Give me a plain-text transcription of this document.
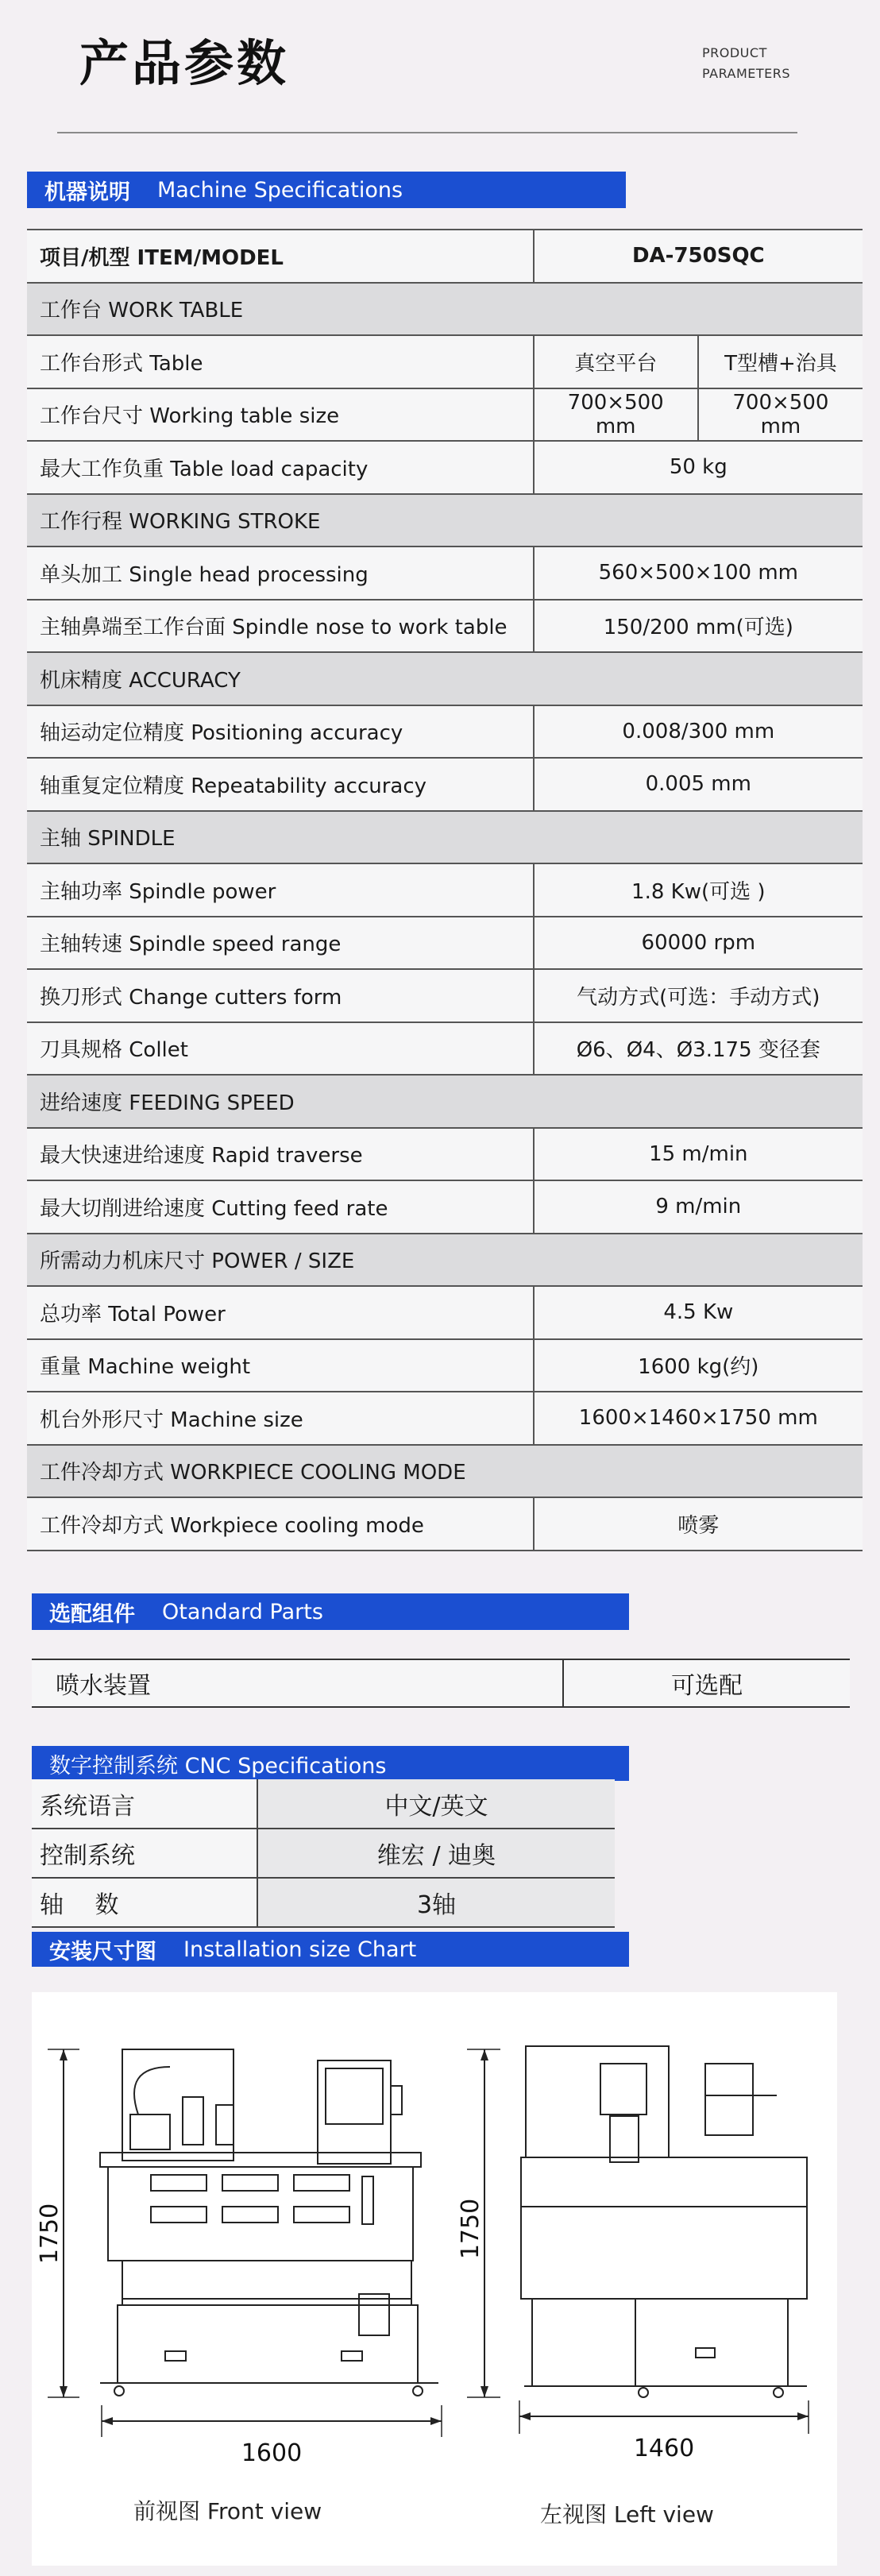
产品参数	PRODUCT
PARAMETERS
机器说明 Machine Specifications
项目/机型 ITEM/MODEL	DA-750SQC	
工作台 WORK TABLE		
工作台形式 Table	真空平台	T型槽+治具
工作台尺寸 Working table size	700×500 mm	700×500 mm
最大工作负重 Table load capacity	50 kg	
工作行程 WORKING STROKE		
单头加工 Single head processing	560×500×100 mm	
主轴鼻端至工作台面 Spindle nose to work table	150/200 mm(可选)	
机床精度 ACCURACY		
轴运动定位精度 Positioning accuracy	0.008/300 mm	
轴重复定位精度 Repeatability accuracy	0.005 mm	
主轴 SPINDLE		
主轴功率 Spindle power	1.8 Kw(可选 )	
主轴转速 Spindle speed range	60000 rpm	
换刀形式 Change cutters form	气动方式(可选：手动方式)	
刀具规格 Collet	Ø6、Ø4、Ø3.175 变径套	
进给速度 FEEDING SPEED		
最大快速进给速度 Rapid traverse	15 m/min	
最大切削进给速度 Cutting feed rate	9 m/min	
所需动力机床尺寸 POWER / SIZE		
总功率 Total Power	4.5 Kw	
重量 Machine weight	1600 kg(约)	
机台外形尺寸 Machine size	1600×1460×1750 mm	
工件冷却方式 WORKPIECE COOLING MODE		
工件冷却方式 Workpiece cooling mode	喷雾	
选配组件 Otandard Parts
喷水装置	可选配
数字控制系统 CNC Specifications
系统语言	中文/英文
控制系统	维宏 / 迪奥
轴　 数	3轴
安装尺寸图 Installation size Chart
1750
1600
1750
1460
前视图 Front view	左视图 Left view
